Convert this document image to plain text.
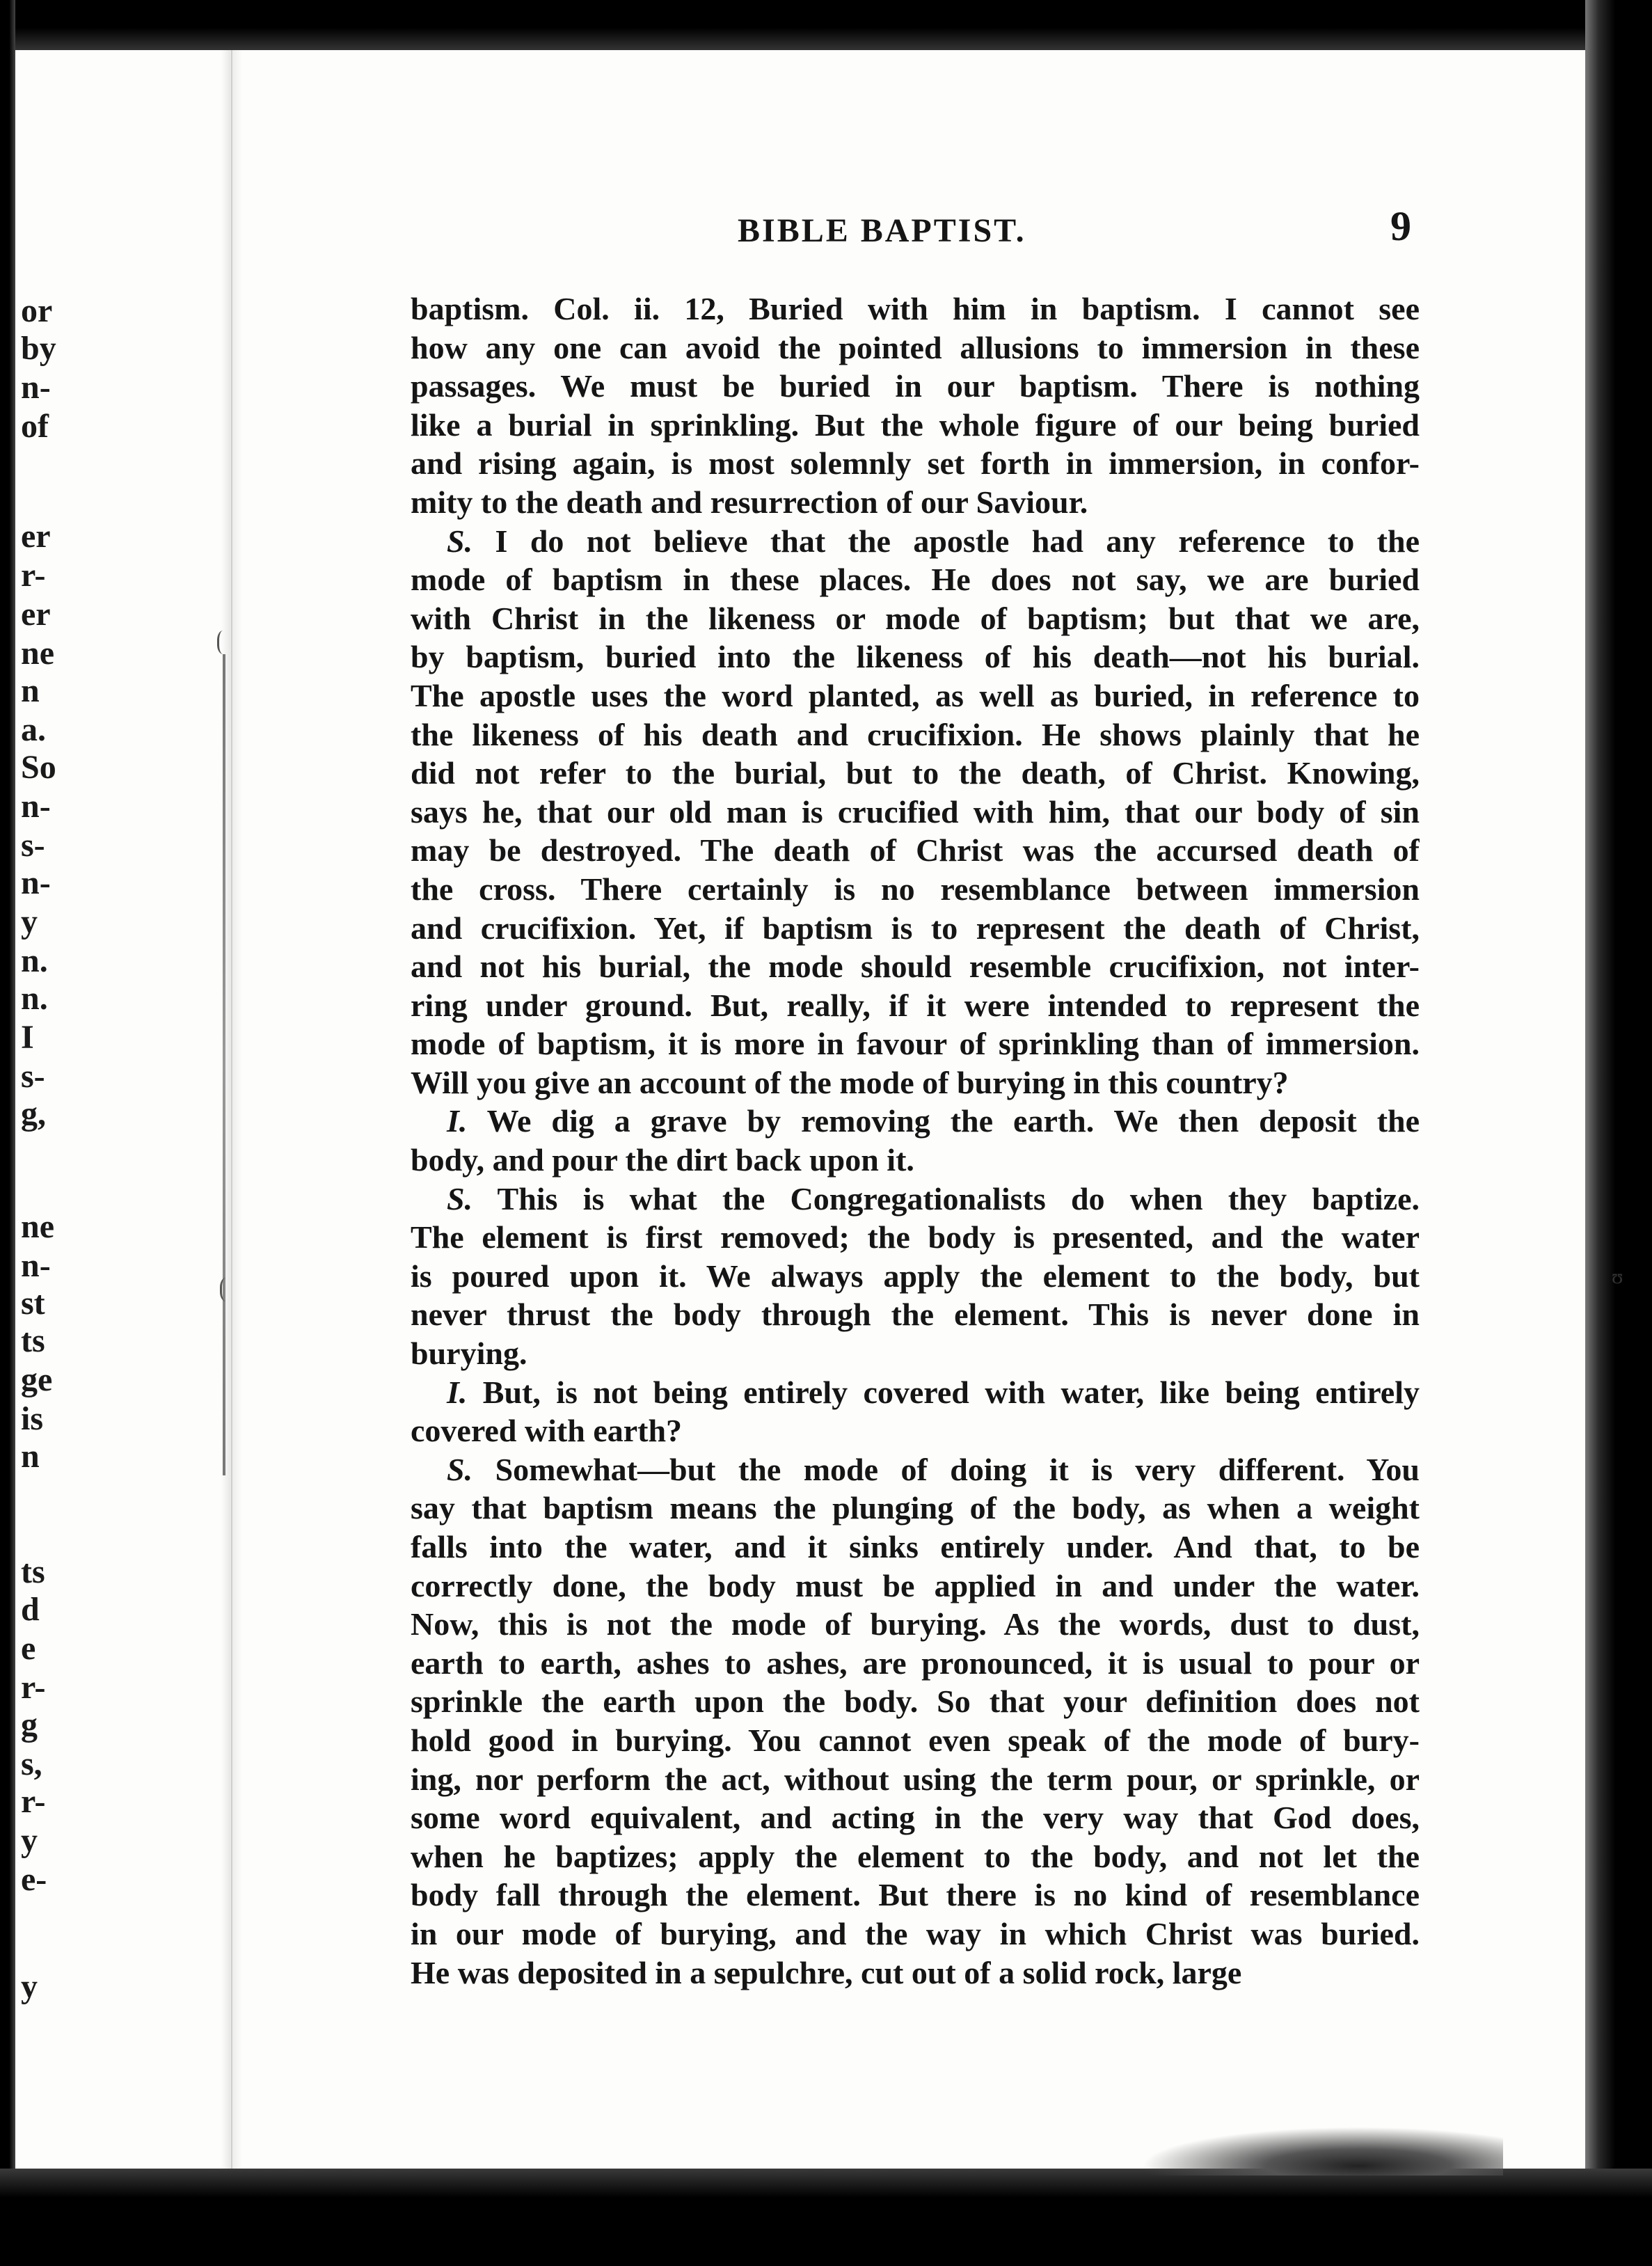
or
by
n-
of
er
r-
er
ne
n
a.
So
n-
s-
n-
y
n.
n.
I
s-
g,
ne
n-
st
ts
ge
is
n
ts
d
e
r-
g
s,
r-
y
e-
y
BIBLE BAPTIST.	9
baptism. Col. ii. 12, Buried with him in baptism. I cannot see
how any one can avoid the pointed allusions to immersion in these
passages. We must be buried in our baptism. There is nothing
like a burial in sprinkling. But the whole figure of our being buried
and rising again, is most solemnly set forth in immersion, in confor-
mity to the death and resurrection of our Saviour.
S. I do not believe that the apostle had any reference to the
mode of baptism in these places. He does not say, we are buried
with Christ in the likeness or mode of baptism; but that we are,
by baptism, buried into the likeness of his death—not his burial.
The apostle uses the word planted, as well as buried, in reference to
the likeness of his death and crucifixion. He shows plainly that he
did not refer to the burial, but to the death, of Christ. Knowing,
says he, that our old man is crucified with him, that our body of sin
may be destroyed. The death of Christ was the accursed death of
the cross. There certainly is no resemblance between immersion
and crucifixion. Yet, if baptism is to represent the death of Christ,
and not his burial, the mode should resemble crucifixion, not inter-
ring under ground. But, really, if it were intended to represent the
mode of baptism, it is more in favour of sprinkling than of immersion.
Will you give an account of the mode of burying in this country?
I. We dig a grave by removing the earth. We then deposit the
body, and pour the dirt back upon it.
S. This is what the Congregationalists do when they baptize.
The element is first removed; the body is presented, and the water
is poured upon it. We always apply the element to the body, but
never thrust the body through the element. This is never done in
burying.
I. But, is not being entirely covered with water, like being entirely
covered with earth?
S. Somewhat—but the mode of doing it is very different. You
say that baptism means the plunging of the body, as when a weight
falls into the water, and it sinks entirely under. And that, to be
correctly done, the body must be applied in and under the water.
Now, this is not the mode of burying. As the words, dust to dust,
earth to earth, ashes to ashes, are pronounced, it is usual to pour or
sprinkle the earth upon the body. So that your definition does not
hold good in burying. You cannot even speak of the mode of bury-
ing, nor perform the act, without using the term pour, or sprinkle, or
some word equivalent, and acting in the very way that God does,
when he baptizes; apply the element to the body, and not let the
body fall through the element. But there is no kind of resemblance
in our mode of burying, and the way in which Christ was buried.
He was deposited in a sepulchre, cut out of a solid rock, large
ʊ
